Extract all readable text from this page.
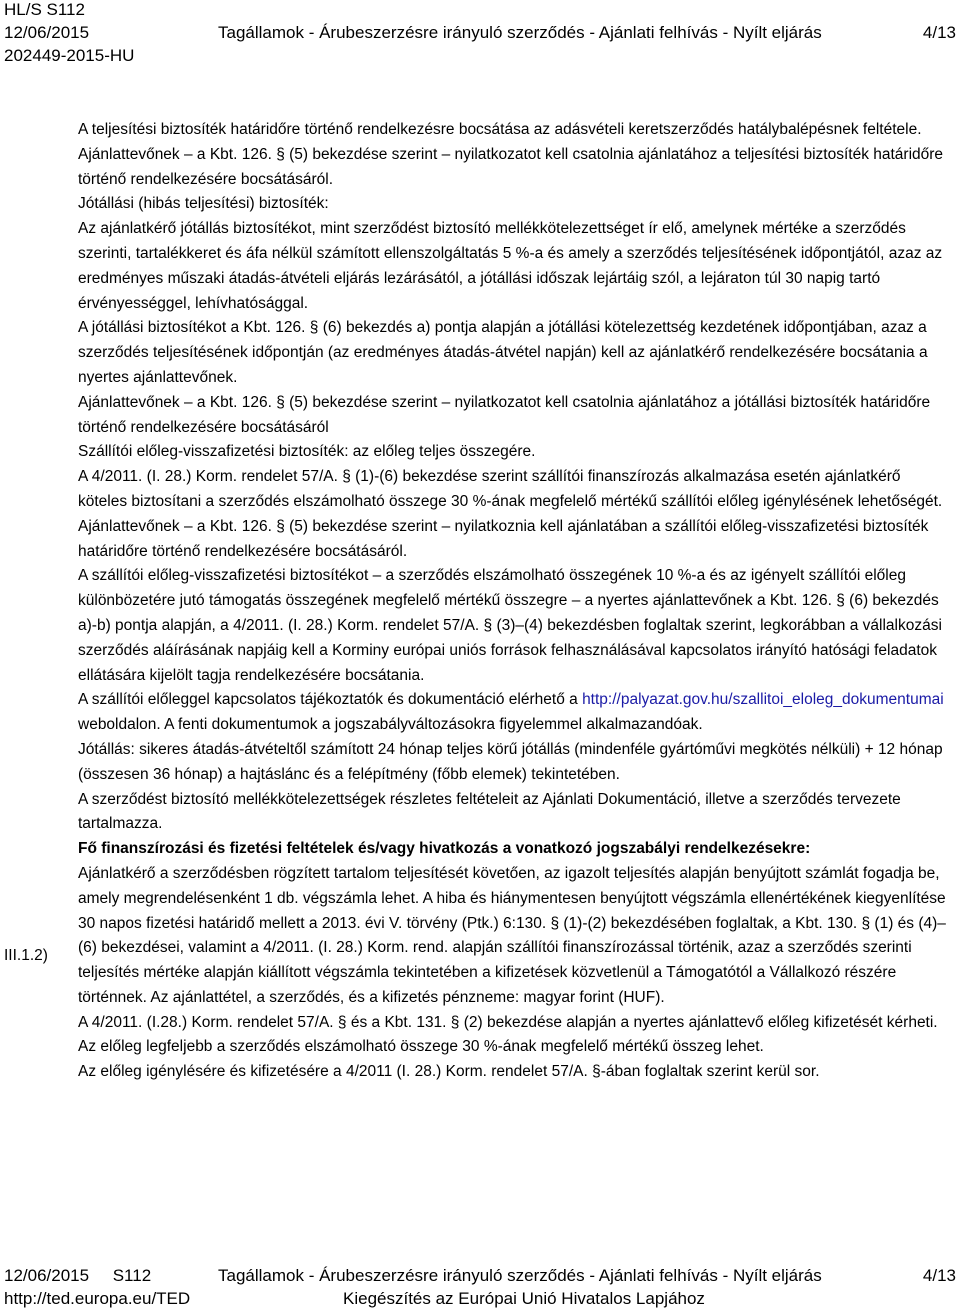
HL/S S112
12/06/2015
202449-2015-HU
Tagállamok - Árubeszerzésre irányuló szerződés - Ajánlati felhívás - Nyílt eljárás	4/13

A teljesítési biztosíték határidőre történő rendelkezésre bocsátása az adásvételi keretszerződés hatálybalépésnek feltétele.

Ajánlattevőnek – a Kbt. 126. § (5) bekezdése szerint – nyilatkozatot kell csatolnia ajánlatához a teljesítési biztosíték határidőre történő rendelkezésére bocsátásáról.

Jótállási (hibás teljesítési) biztosíték:

Az ajánlatkérő jótállás biztosítékot, mint szerződést biztosító mellékkötelezettséget ír elő, amelynek mértéke a szerződés szerinti, tartalékkeret és áfa nélkül számított ellenszolgáltatás 5 %-a és amely a szerződés teljesítésének időpontjától, azaz az eredményes műszaki átadás-átvételi eljárás lezárásától, a jótállási időszak lejártáig szól, a lejáraton túl 30 napig tartó érvényességgel, lehívhatósággal.

A jótállási biztosítékot a Kbt. 126. § (6) bekezdés a) pontja alapján a jótállási kötelezettség kezdetének időpontjában, azaz a szerződés teljesítésének időpontján (az eredményes átadás-átvétel napján) kell az ajánlatkérő rendelkezésére bocsátania a nyertes ajánlattevőnek.

Ajánlattevőnek – a Kbt. 126. § (5) bekezdése szerint – nyilatkozatot kell csatolnia ajánlatához a jótállási biztosíték határidőre történő rendelkezésére bocsátásáról

Szállítói előleg-visszafizetési biztosíték: az előleg teljes összegére.

A 4/2011. (I. 28.) Korm. rendelet 57/A. § (1)-(6) bekezdése szerint szállítói finanszírozás alkalmazása esetén ajánlatkérő köteles biztosítani a szerződés elszámolható összege 30 %-ának megfelelő mértékű szállítói előleg igénylésének lehetőségét.

Ajánlattevőnek – a Kbt. 126. § (5) bekezdése szerint – nyilatkoznia kell ajánlatában a szállítói előleg-visszafizetési biztosíték határidőre történő rendelkezésére bocsátásáról.

A szállítói előleg-visszafizetési biztosítékot – a szerződés elszámolható összegének 10 %-a és az igényelt szállítói előleg különbözetére jutó támogatás összegének megfelelő mértékű összegre – a nyertes ajánlattevőnek a Kbt. 126. § (6) bekezdés a)-b) pontja alapján, a 4/2011. (I. 28.) Korm. rendelet 57/A. § (3)–(4) bekezdésben foglaltak szerint, legkorábban a vállalkozási szerződés aláírásának napjáig kell a Korminy európai uniós források felhasználásával kapcsolatos irányító hatósági feladatok ellátására kijelölt tagja rendelkezésére bocsátania.

A szállítói előleggel kapcsolatos tájékoztatók és dokumentáció elérhető a http://palyazat.gov.hu/szallitoi_eloleg_dokumentumai weboldalon. A fenti dokumentumok a jogszabályváltozásokra figyelemmel alkalmazandóak.

Jótállás: sikeres átadás-átvételtől számított 24 hónap teljes körű jótállás (mindenféle gyártóművi megkötés nélküli) + 12 hónap (összesen 36 hónap) a hajtáslánc és a felépítmény (főbb elemek) tekintetében.

A szerződést biztosító mellékkötelezettségek részletes feltételeit az Ajánlati Dokumentáció, illetve a szerződés tervezete tartalmazza.

Fő finanszírozási és fizetési feltételek és/vagy hivatkozás a vonatkozó jogszabályi rendelkezésekre:

Ajánlatkérő a szerződésben rögzített tartalom teljesítését követően, az igazolt teljesítés alapján benyújtott számlát fogadja be, amely megrendelésenként 1 db. végszámla lehet. A hiba és hiánymentesen benyújtott végszámla ellenértékének kiegyenlítése 30 napos fizetési határidő mellett a 2013. évi V. törvény (Ptk.) 6:130. § (1)-(2) bekezdésében foglaltak, a Kbt. 130. § (1) és (4)–(6) bekezdései, valamint a 4/2011. (I. 28.) Korm. rend. alapján szállítói finanszírozással történik, azaz a szerződés szerinti teljesítés mértéke alapján kiállított végszámla tekintetében a kifizetések közvetlenül a Támogatótól a Vállalkozó részére történnek. Az ajánlattétel, a szerződés, és a kifizetés pénzneme: magyar forint (HUF).

A 4/2011. (I.28.) Korm. rendelet 57/A. § és a Kbt. 131. § (2) bekezdése alapján a nyertes ajánlattevő előleg kifizetését kérheti. Az előleg legfeljebb a szerződés elszámolható összege 30 %-ának megfelelő mértékű összeg lehet.

Az előleg igénylésére és kifizetésére a 4/2011 (I. 28.) Korm. rendelet 57/A. §-ában foglaltak szerint kerül sor.

III.1.2)
12/06/2015 S112
http://ted.europa.eu/TED
Tagállamok - Árubeszerzésre irányuló szerződés - Ajánlati felhívás - Nyílt eljárás
Kiegészítés az Európai Unió Hivatalos Lapjához
4/13
